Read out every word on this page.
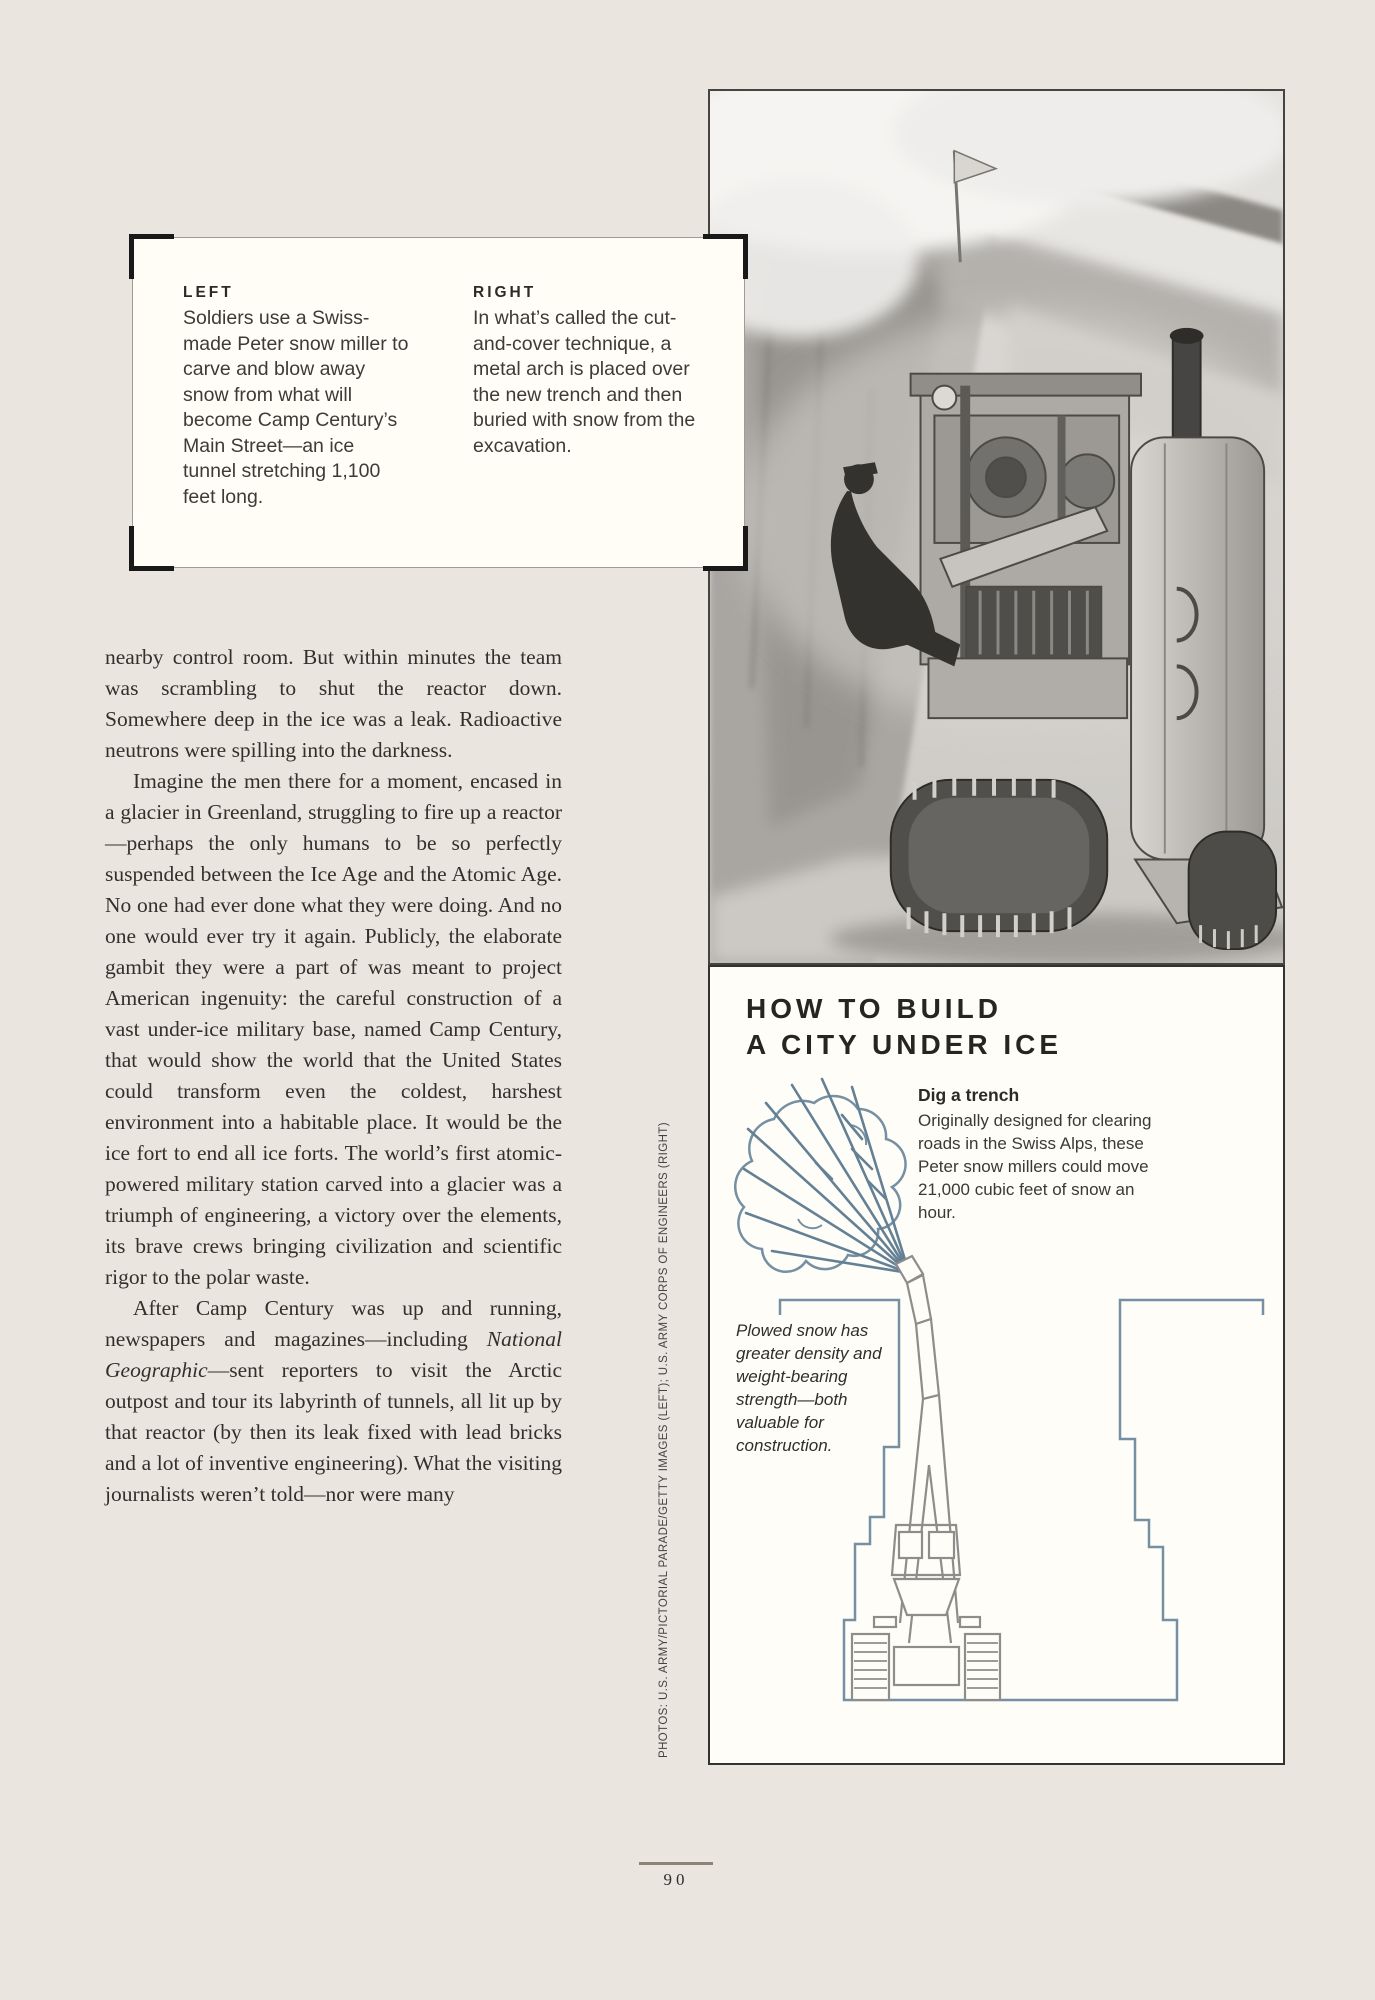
LEFT
Soldiers use a Swiss-made Peter snow miller to carve and blow away snow from what will become Camp Century’s Main Street—an ice tunnel stretching 1,100 feet long.
RIGHT
In what’s called the cut-and-cover technique, a metal arch is placed over the new trench and then buried with snow from the excavation.

nearby control room. But within minutes the team was scrambling to shut the reactor down. Somewhere deep in the ice was a leak. Radioactive neutrons were spilling into the darkness.

Imagine the men there for a moment, encased in a glacier in Greenland, struggling to fire up a reactor—perhaps the only humans to be so perfectly suspended between the Ice Age and the Atomic Age. No one had ever done what they were doing. And no one would ever try it again. Publicly, the elaborate gambit they were a part of was meant to project American ingenuity: the careful construction of a vast under-ice military base, named Camp Century, that would show the world that the United States could transform even the coldest, harshest environment into a habitable place. It would be the ice fort to end all ice forts. The world’s first atomic-powered military station carved into a glacier was a triumph of engineering, a victory over the elements, its brave crews bringing civilization and scientific rigor to the polar waste.

After Camp Century was up and running, newspapers and magazines—including National Geographic—sent reporters to visit the Arctic outpost and tour its labyrinth of tunnels, all lit up by that reactor (by then its leak fixed with lead bricks and a lot of inventive engineering). What the visiting journalists weren’t told—nor were many	PHOTOS: U.S. ARMY/PICTORIAL PARADE/GETTY IMAGES (LEFT); U.S. ARMY CORPS OF ENGINEERS (RIGHT)
HOW TO BUILD
A CITY UNDER ICE
Dig a trench
Originally designed for clearing roads in the Swiss Alps, these Peter snow millers could move 21,000 cubic feet of snow an hour.
Plowed snow has greater density and weight-bearing strength—both valuable for construction.
90
